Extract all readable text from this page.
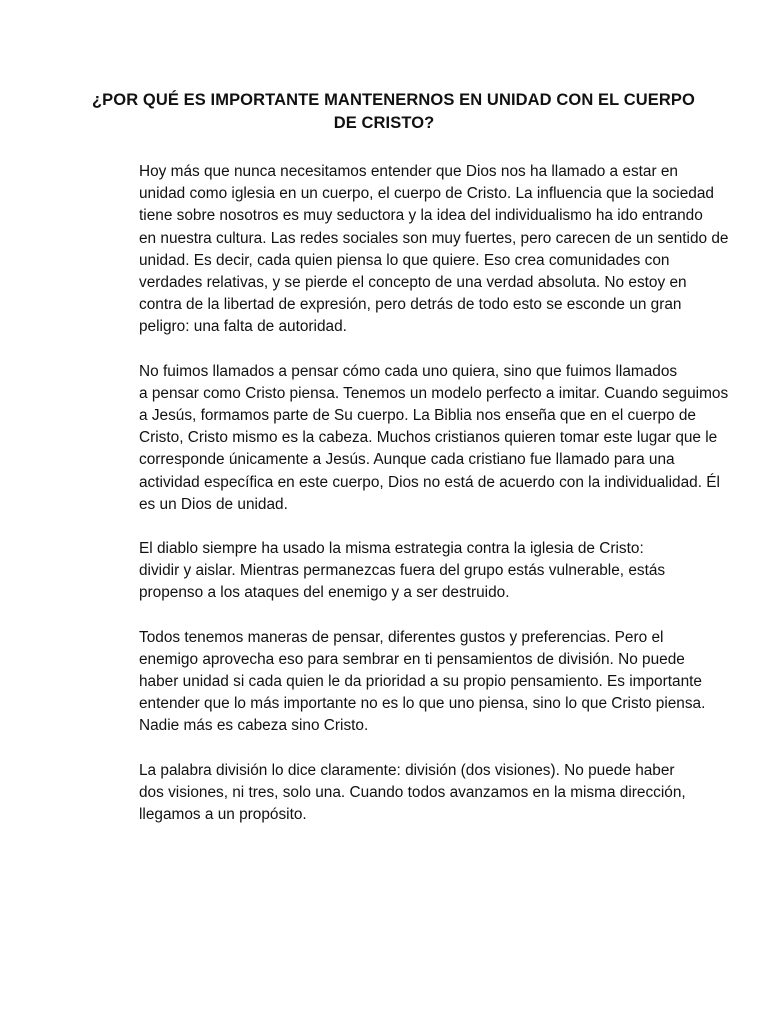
¿POR QUÉ ES IMPORTANTE MANTENERNOS EN UNIDAD CON EL CUERPO
DE CRISTO?

Hoy más que nunca necesitamos entender que Dios nos ha llamado a estar en
unidad como iglesia en un cuerpo, el cuerpo de Cristo. La influencia que la sociedad
tiene sobre nosotros es muy seductora y la idea del individualismo ha ido entrando
en nuestra cultura. Las redes sociales son muy fuertes, pero carecen de un sentido de
unidad. Es decir, cada quien piensa lo que quiere. Eso crea comunidades con
verdades relativas, y se pierde el concepto de una verdad absoluta. No estoy en
contra de la libertad de expresión, pero detrás de todo esto se esconde un gran
peligro: una falta de autoridad.

No fuimos llamados a pensar cómo cada uno quiera, sino que fuimos llamados
a pensar como Cristo piensa. Tenemos un modelo perfecto a imitar. Cuando seguimos
a Jesús, formamos parte de Su cuerpo. La Biblia nos enseña que en el cuerpo de
Cristo, Cristo mismo es la cabeza. Muchos cristianos quieren tomar este lugar que le
corresponde únicamente a Jesús. Aunque cada cristiano fue llamado para una
actividad específica en este cuerpo, Dios no está de acuerdo con la individualidad. Él
es un Dios de unidad.

El diablo siempre ha usado la misma estrategia contra la iglesia de Cristo:
dividir y aislar. Mientras permanezcas fuera del grupo estás vulnerable, estás
propenso a los ataques del enemigo y a ser destruido.

Todos tenemos maneras de pensar, diferentes gustos y preferencias. Pero el
enemigo aprovecha eso para sembrar en ti pensamientos de división. No puede
haber unidad si cada quien le da prioridad a su propio pensamiento. Es importante
entender que lo más importante no es lo que uno piensa, sino lo que Cristo piensa.
Nadie más es cabeza sino Cristo.

La palabra división lo dice claramente: división (dos visiones). No puede haber
dos visiones, ni tres, solo una. Cuando todos avanzamos en la misma dirección,
llegamos a un propósito.
